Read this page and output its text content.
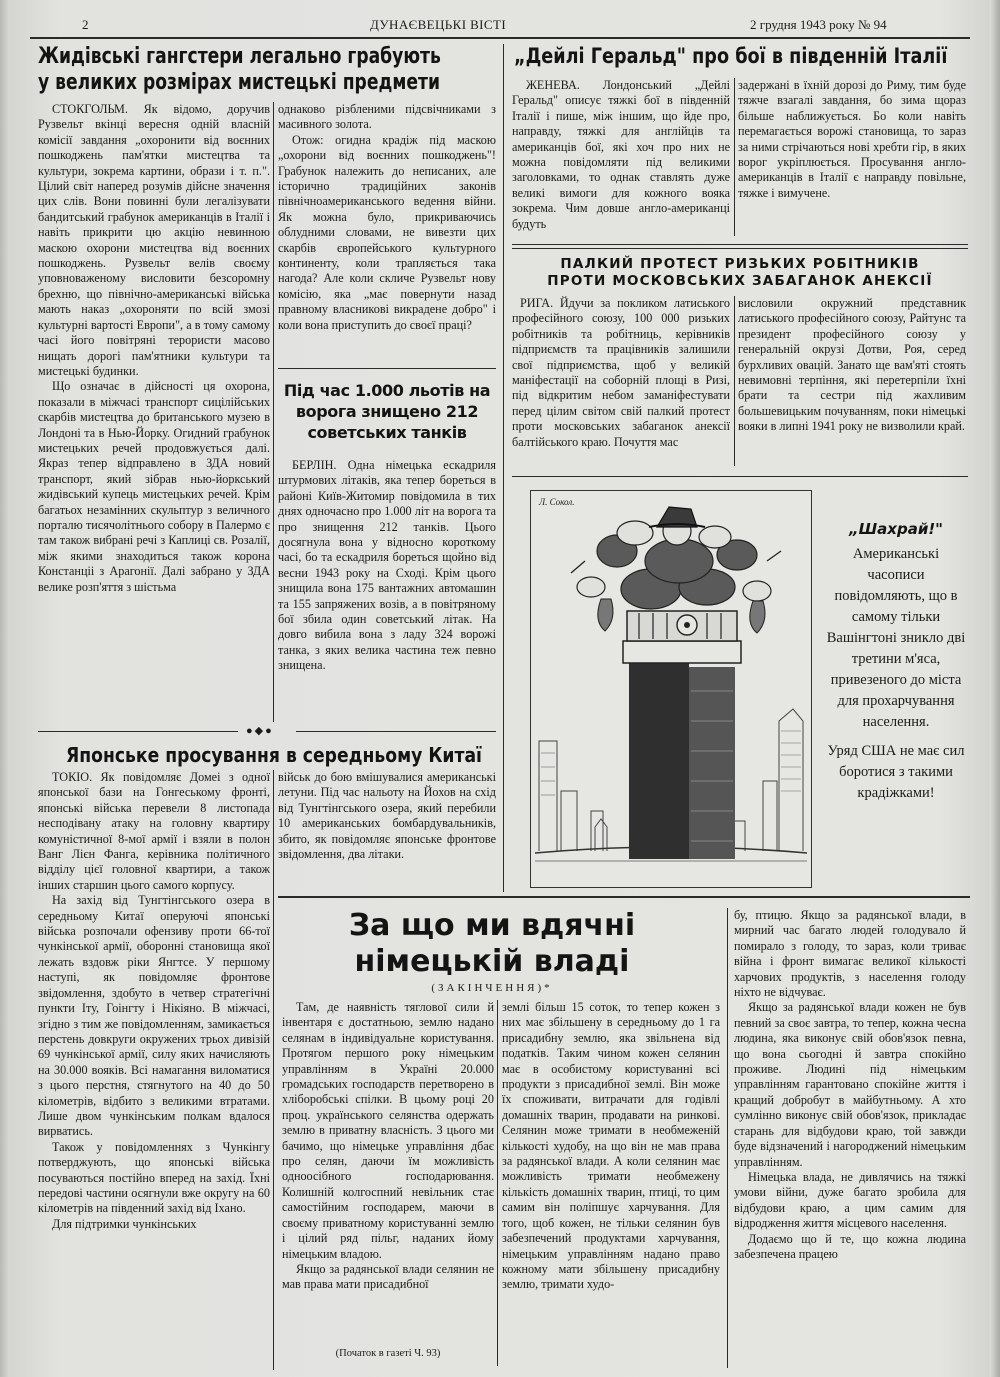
2	ДУНАЄВЕЦЬКІ ВІСТІ	2 грудня 1943 року № 94
Жидівські гангстери легально грабують
у великих розмірах мистецькі предмети

СТОКГОЛЬМ. Як відомо, доручив Рузвельт вкінці вересня одній власній комісії завдання „охоронити від воєнних пошкоджень пам'ятки мистецтва та культури, зокрема картини, образи і т. п.". Цілий світ наперед розумів дійсне значення цих слів. Вони повинні були легалізувати бандитський грабунок американців в Італії і навіть прикрити цю акцію невинною маскою охорони мистецтва від воєнних пошкоджень. Рузвельт велів своєму уповноваженому висловити безсоромну брехню, що північно-американські війська мають наказ „охороняти по всій змозі культурні вартості Европи", а в тому самому часі його повітряні терористи масово нищать дорогі пам'ятники культури та мистецькі будинки.

Що означає в дійсності ця охорона, показали в міжчасі транспорт сицілійських скарбів мистецтва до британського музею в Лондоні та в Нью-Йорку. Огидний грабунок мистецьких речей продовжується далі. Якраз тепер відправлено в ЗДА новий транспорт, який зібрав нью-йоркський жидівський купець мистецьких речей. Крім багатьох незамінних скульптур з величного порталю тисячолітнього собору в Палермо є там також вибрані речі з Каплиці св. Розалії, між якими знаходиться також корона Констанціі з Арагонії. Далі забрано у ЗДА велике розп'яття з шістьма

однаково різбленими підсвічниками з масивного золота.

Отож: огидна крадіж під маскою „охорони від воєнних пошкоджень"! Грабунок належить до неписаних, але історично традиційних законів північноамериканського ведення війни. Як можна було, прикриваючись облудними словами, не вивезти цих скарбів європейського культурного континенту, коли трапляється така нагода? Але коли скличе Рузвельт нову комісію, яка „має повернути назад правному власникові викрадене добро" і коли вона приступить до своєї праці?

Під час 1.000 льотів на
ворога знищено 212
советських танків

БЕРЛІН. Одна німецька ескадриля штурмових літаків, яка тепер бореться в районі Київ-Житомир повідомила в тих днях одночасно про 1.000 літ на ворога та про знищення 212 танків. Цього досягнула вона у відносно короткому часі, бо та ескадриля бореться щойно від весни 1943 року на Сході. Крім цього знищила вона 175 вантажних автомашин та 155 запряжених возів, а в повітряному бої збила один советський літак. На довго вибила вона з ладу 324 ворожі танка, з яких велика частина теж певно знищена.

●◆●
Японське просування в середньому Китаї

ТОКІО. Як повідомляє Домеі з одної японської бази на Гонгеському фронті, японські війська перевели 8 листопада несподівану атаку на головну квартиру комуністичної 8-мої армії і взяли в полон Ванг Лієн Фанга, керівника політичного відділу цієї головної квартири, а також інших старшин цього самого корпусу.

На захід від Тунгтінгського озера в середньому Китаї оперуючі японські війська розпочали офензиву проти 66-тої чункінської армії, оборонні становища якої лежать вздовж ріки Янгтсе. У першому наступі, як повідомляє фронтове звідомлення, здобуто в четвер стратегічні пункти Іту, Гоінгту і Нікіяно. В міжчасі, згідно з тим же повідомленням, замикається перстень довкруги окружених трьох дивізій 69 чункінської армії, силу яких начисляють на 30.000 вояків. Всі намагання виломатися з цього перстня, стягнутого на 40 до 50 кілометрів, відбито з великими втратами. Лише двом чункінським полкам вдалося вирватись.

Також у повідомленнях з Чункінгу потверджують, що японські війська посуваються постійно вперед на захід. Їхні передові частини осягнули вже округу на 60 кілометрів на південний захід від Іхано.

Для підтримки чункінських

військ до бою вмішувалися американські летуни. Під час нальоту на Йохов на схід від Тунгтінгського озера, який перебили 10 американських бомбардувальників, збито, як повідомляє японське фронтове звідомлення, два літаки.

„Дейлі Геральд" про бої в південній Італії

ЖЕНЕВА. Лондонський „Дейлі Геральд" описує тяжкі бої в південній Італії і пише, між іншим, що йде про, направду, тяжкі для англійців та американців бої, які хоч про них не можна повідомляти під великими заголовками, то однак ставлять дуже великі вимоги для кожного вояка зокрема. Чим довше англо-американці будуть

задержані в їхній дорозі до Риму, тим буде тяжче взагалі завдання, бо зима щораз більше наближується. Бо коли навіть перемагається ворожі становища, то зараз за ними стрічаються нові хребти гір, в яких ворог укріплюється. Просування англо-американців в Італії є направду повільне, тяжке і вимучене.

ПАЛКИЙ ПРОТЕСТ РИЗЬКИХ РОБІТНИКІВ
ПРОТИ МОСКОВСЬКИХ ЗАБАГАНОК АНЕКСІЇ

РИГА. Йдучи за покликом латиського професійного союзу, 100 000 ризьких робітників та робітниць, керівників підприємств та працівників залишили свої підприємства, щоб у великій маніфестації на соборній площі в Ризі, під відкритим небом заманіфестувати перед цілим світом свій палкий протест проти московських забаганок анексії балтійського краю. Почуття мас

висловили окружний представник латиського професійного союзу, Райтунс та президент професійного союзу у генеральній окрузі Дотви, Роя, серед бурхливих овацій. Занато ще вам'яті стоять невимовні терпіння, які перетерпіли їхні брати та сестри під жахливим большевицьким почуванням, поки німецькі вояки в липні 1941 року не визволили край.

Л. Сокол.
„Шахрай!"
Американські часописи повідомляють, що в самому тільки Вашінгтоні зникло дві третини м'яса, привезеного до міста для прохарчування населення.
Уряд США не має сил боротися з такими крадіжками!
За що ми вдячні
німецькій владі
(ЗАКІНЧЕННЯ)*

Там, де наявність тяглової сили й інвентаря є достатньою, землю надано селянам в індивідуальне користування. Протягом першого року німецьким управлінням в Україні 20.000 громадських господарств перетворено в хліборобські спілки. В цьому році 20 проц. українського селянства одержать землю в приватну власність. З цього ми бачимо, що німецьке управління дбає про селян, даючи їм можливість одноосібного господарювання. Колишній колгоспний невільник стає самостійним господарем, маючи в своєму приватному користуванні землю і цілий ряд пільг, наданих йому німецьким владою.

Якщо за радянської влади селянин не мав права мати присадибної

(Початок в газеті Ч. 93)

землі більш 15 соток, то тепер кожен з них має збільшену в середньому до 1 га присадибну землю, яка звільнена від податків. Таким чином кожен селянин має в особистому користуванні всі продукти з присадибної землі. Він може їх споживати, витрачати для годівлі домашніх тварин, продавати на ринкові. Селянин може тримати в необмеженій кількості худобу, на що він не мав права за радянської влади. А коли селянин має можливість тримати необмежену кількість домашніх тварин, птиці, то цим самим він поліпшує харчування. Для того, щоб кожен, не тільки селянин був забезпечений продуктами харчування, німецьким управлінням надано право кожному мати збільшену присадибну землю, тримати худо-

бу, птицю. Якщо за радянської влади, в мирний час багато людей голодувало й помирало з голоду, то зараз, коли триває війна і фронт вимагає великої кількості харчових продуктів, з населення голоду ніхто не відчуває.

Якщо за радянської влади кожен не був певний за своє завтра, то тепер, кожна чесна людина, яка виконує свій обов'язок певна, що вона сьогодні й завтра спокійно проживе. Людині під німецьким управлінням гарантовано спокійне життя і кращий добробут в майбутньому. А хто сумлінно виконує свій обов'язок, прикладає старань для відбудови краю, той завжди буде відзначений і нагороджений німецьким управлінням.

Німецька влада, не дивлячись на тяжкі умови війни, дуже багато зробила для відбудови краю, а цим самим для відродження життя місцевого населення.

Додаємо що й те, що кожна людина забезпечена працею
